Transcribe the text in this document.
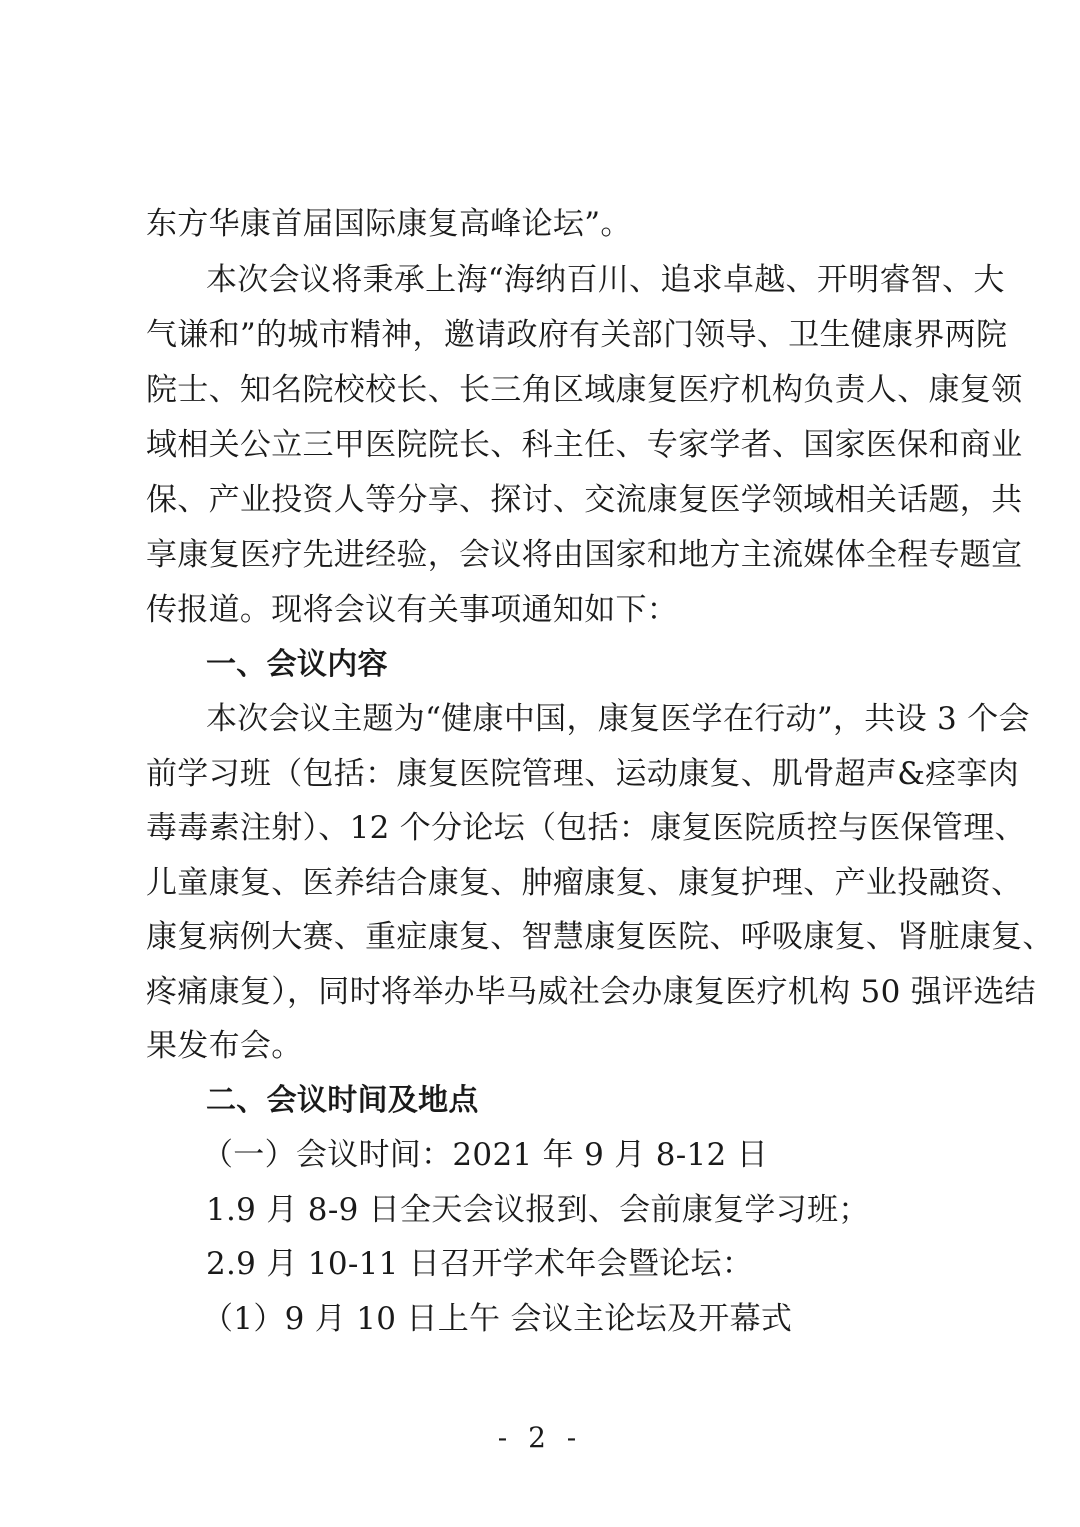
东方华康首届国际康复高峰论坛”。
本次会议将秉承上海“海纳百川、追求卓越、开明睿智、大
气谦和”的城市精神，邀请政府有关部门领导、卫生健康界两院
院士、知名院校校长、长三角区域康复医疗机构负责人、康复领
域相关公立三甲医院院长、科主任、专家学者、国家医保和商业
保、产业投资人等分享、探讨、交流康复医学领域相关话题，共
享康复医疗先进经验，会议将由国家和地方主流媒体全程专题宣
传报道。现将会议有关事项通知如下：
一、会议内容
本次会议主题为“健康中国，康复医学在行动”，共设 3 个会
前学习班（包括：康复医院管理、运动康复、肌骨超声&痉挛肉
毒毒素注射）、12 个分论坛（包括：康复医院质控与医保管理、
儿童康复、医养结合康复、肿瘤康复、康复护理、产业投融资、
康复病例大赛、重症康复、智慧康复医院、呼吸康复、肾脏康复、
疼痛康复），同时将举办毕马威社会办康复医疗机构 50 强评选结
果发布会。
二、会议时间及地点
（一）会议时间：2021 年 9 月 8-12 日
1.9 月 8-9 日全天会议报到、会前康复学习班；
2.9 月 10-11 日召开学术年会暨论坛：
（1）9 月 10 日上午 会议主论坛及开幕式
- 2 -
